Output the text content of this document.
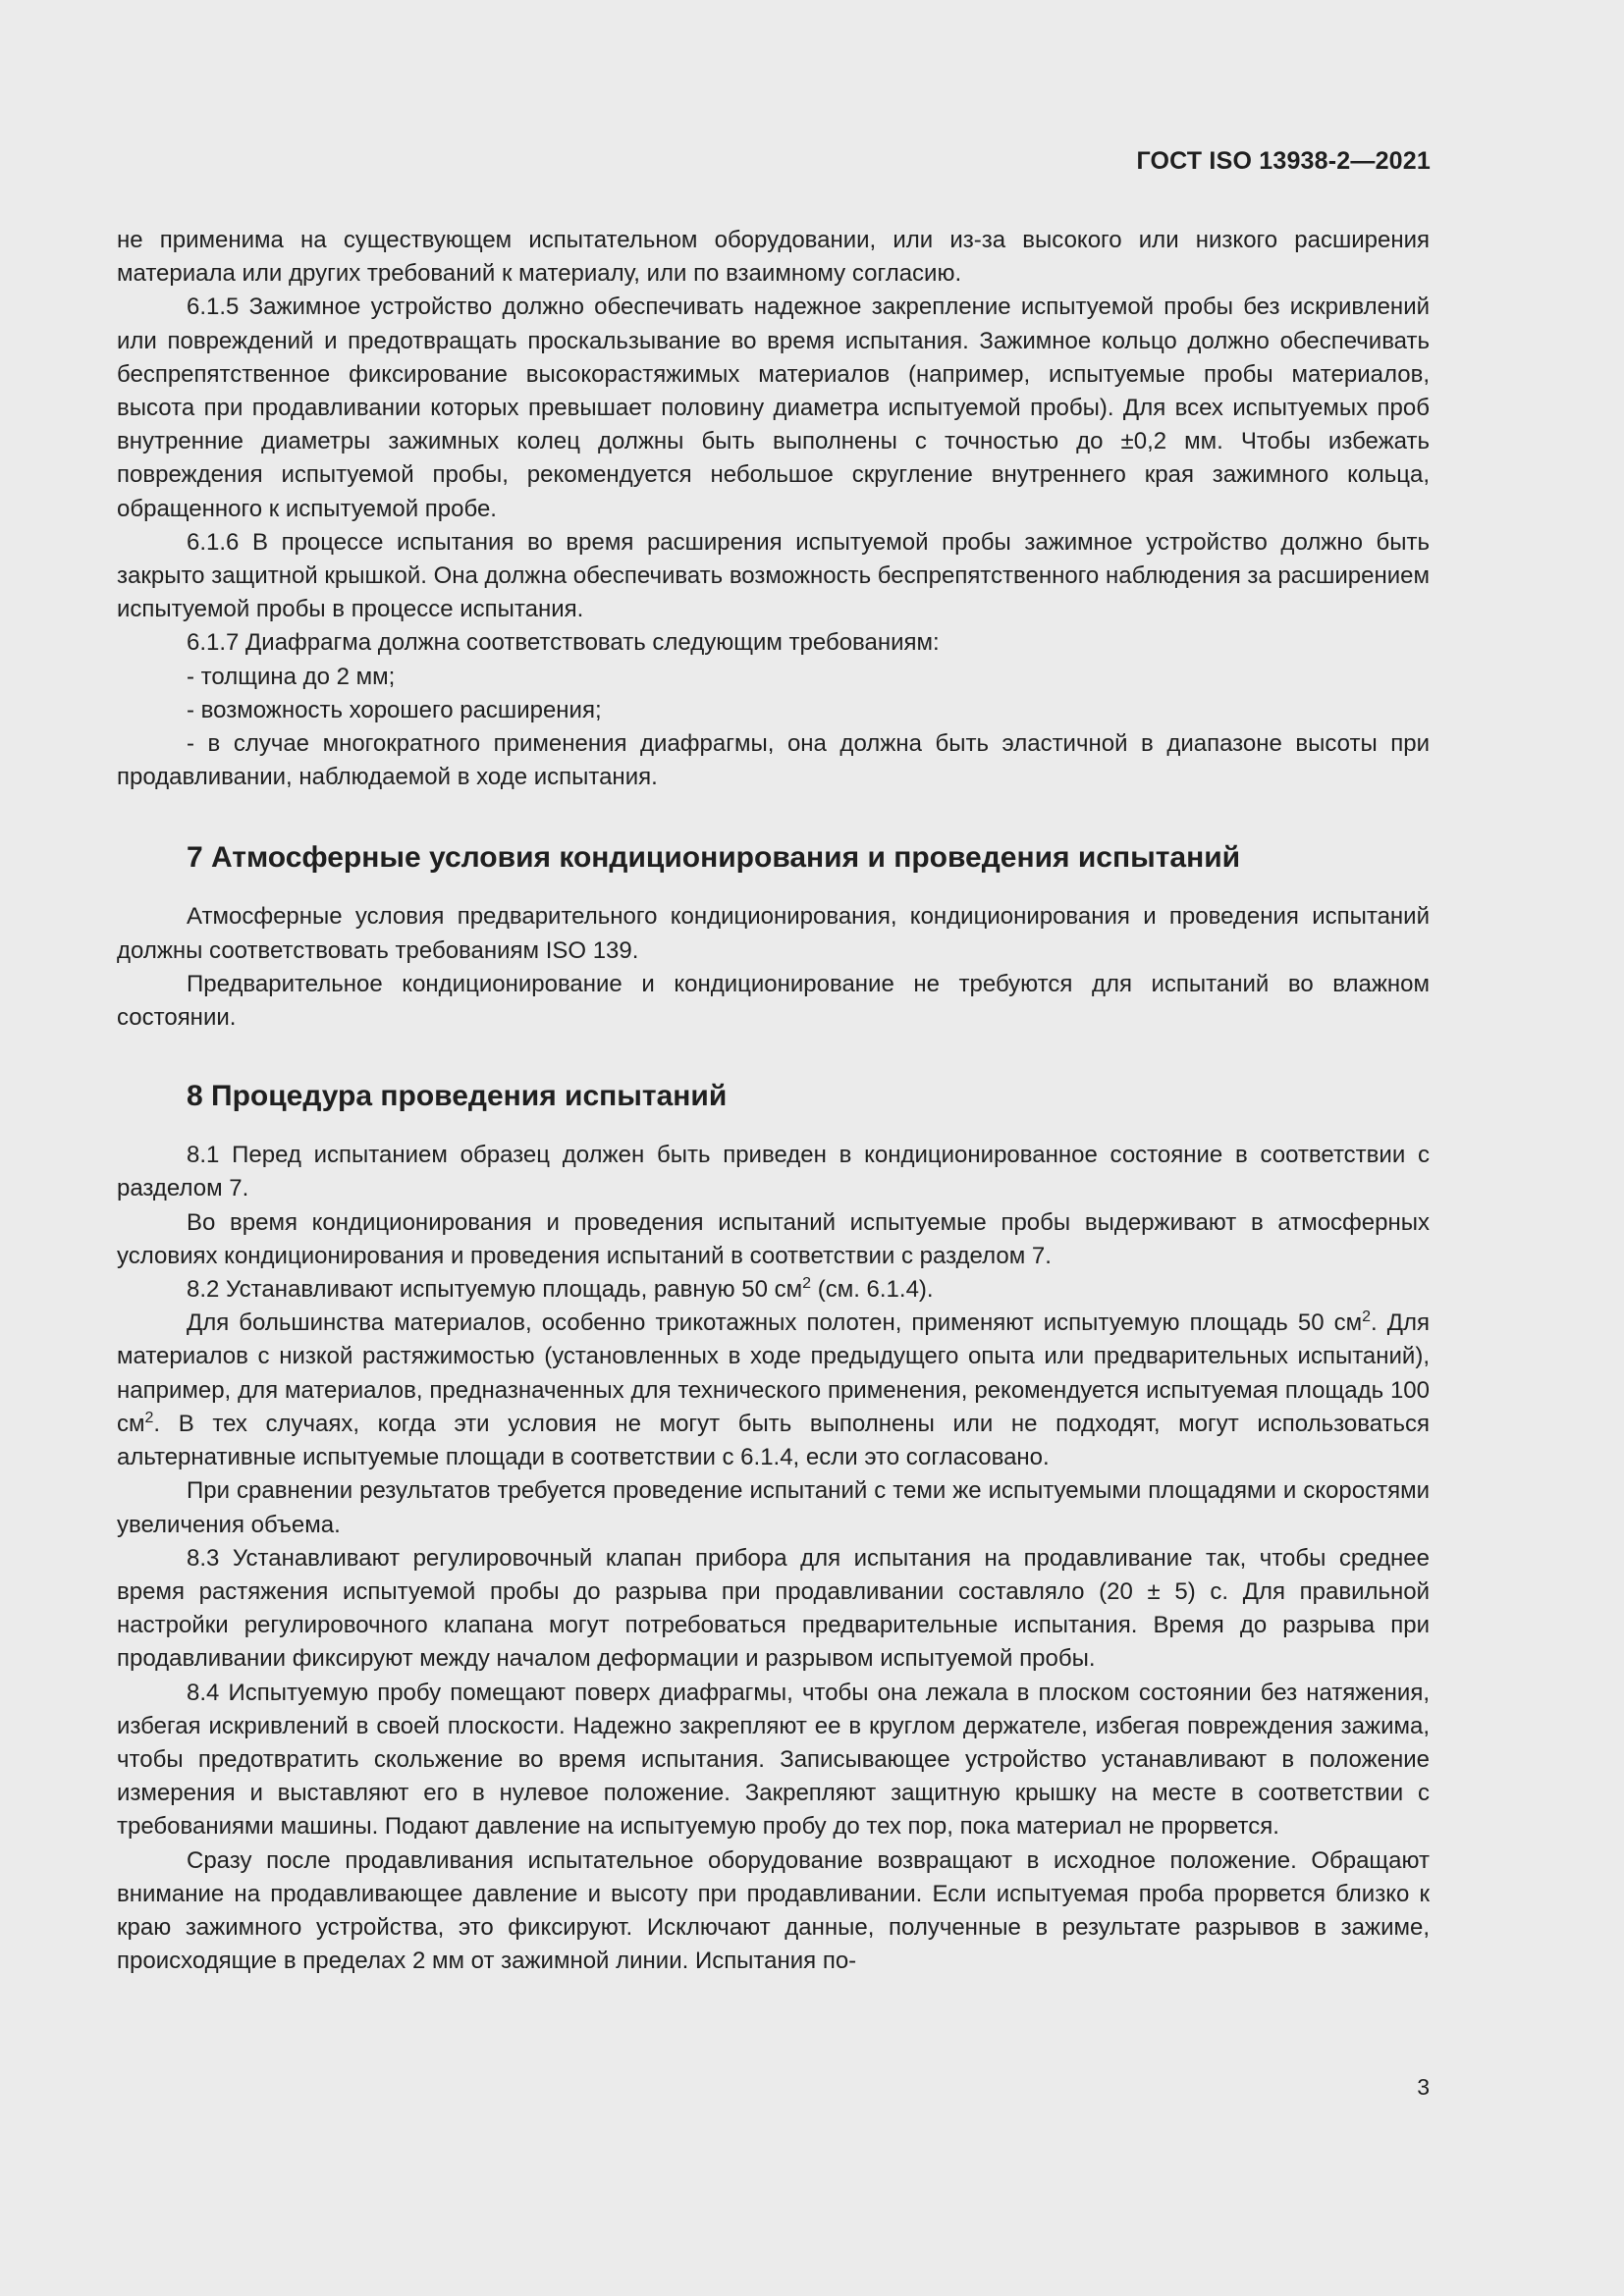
ГОСТ ISO 13938-2—2021

не применима на существующем испытательном оборудовании, или из-за высокого или низкого расширения материала или других требований к материалу, или по взаимному согласию.

6.1.5 Зажимное устройство должно обеспечивать надежное закрепление испытуемой пробы без искривлений или повреждений и предотвращать проскальзывание во время испытания. Зажимное кольцо должно обеспечивать беспрепятственное фиксирование высокорастяжимых материалов (например, испытуемые пробы материалов, высота при продавливании которых превышает половину диаметра испытуемой пробы). Для всех испытуемых проб внутренние диаметры зажимных колец должны быть выполнены с точностью до ±0,2 мм. Чтобы избежать повреждения испытуемой пробы, рекомендуется небольшое скругление внутреннего края зажимного кольца, обращенного к испытуемой пробе.

6.1.6 В процессе испытания во время расширения испытуемой пробы зажимное устройство должно быть закрыто защитной крышкой. Она должна обеспечивать возможность беспрепятственного наблюдения за расширением испытуемой пробы в процессе испытания.

6.1.7 Диафрагма должна соответствовать следующим требованиям:

- толщина до 2 мм;

- возможность хорошего расширения;

- в случае многократного применения диафрагмы, она должна быть эластичной в диапазоне высоты при продавливании, наблюдаемой в ходе испытания.

7 Атмосферные условия кондиционирования и проведения испытаний

Атмосферные условия предварительного кондиционирования, кондиционирования и проведения испытаний должны соответствовать требованиям ISO 139.

Предварительное кондиционирование и кондиционирование не требуются для испытаний во влажном состоянии.

8 Процедура проведения испытаний

8.1 Перед испытанием образец должен быть приведен в кондиционированное состояние в соответствии с разделом 7.

Во время кондиционирования и проведения испытаний испытуемые пробы выдерживают в атмосферных условиях кондиционирования и проведения испытаний в соответствии с разделом 7.

8.2 Устанавливают испытуемую площадь, равную 50 $см^2$ (см. 6.1.4).

Для большинства материалов, особенно трикотажных полотен, применяют испытуемую площадь 50 $см^2$. Для материалов с низкой растяжимостью (установленных в ходе предыдущего опыта или предварительных испытаний), например, для материалов, предназначенных для технического применения, рекомендуется испытуемая площадь 100 $см^2$. В тех случаях, когда эти условия не могут быть выполнены или не подходят, могут использоваться альтернативные испытуемые площади в соответствии с 6.1.4, если это согласовано.

При сравнении результатов требуется проведение испытаний с теми же испытуемыми площадями и скоростями увеличения объема.

8.3 Устанавливают регулировочный клапан прибора для испытания на продавливание так, чтобы среднее время растяжения испытуемой пробы до разрыва при продавливании составляло (20 ± 5) с. Для правильной настройки регулировочного клапана могут потребоваться предварительные испытания. Время до разрыва при продавливании фиксируют между началом деформации и разрывом испытуемой пробы.

8.4 Испытуемую пробу помещают поверх диафрагмы, чтобы она лежала в плоском состоянии без натяжения, избегая искривлений в своей плоскости. Надежно закрепляют ее в круглом держателе, избегая повреждения зажима, чтобы предотвратить скольжение во время испытания. Записывающее устройство устанавливают в положение измерения и выставляют его в нулевое положение. Закрепляют защитную крышку на месте в соответствии с требованиями машины. Подают давление на испытуемую пробу до тех пор, пока материал не прорвется.

Сразу после продавливания испытательное оборудование возвращают в исходное положение. Обращают внимание на продавливающее давление и высоту при продавливании. Если испытуемая проба прорвется близко к краю зажимного устройства, это фиксируют. Исключают данные, полученные в результате разрывов в зажиме, происходящие в пределах 2 мм от зажимной линии. Испытания по-

3
